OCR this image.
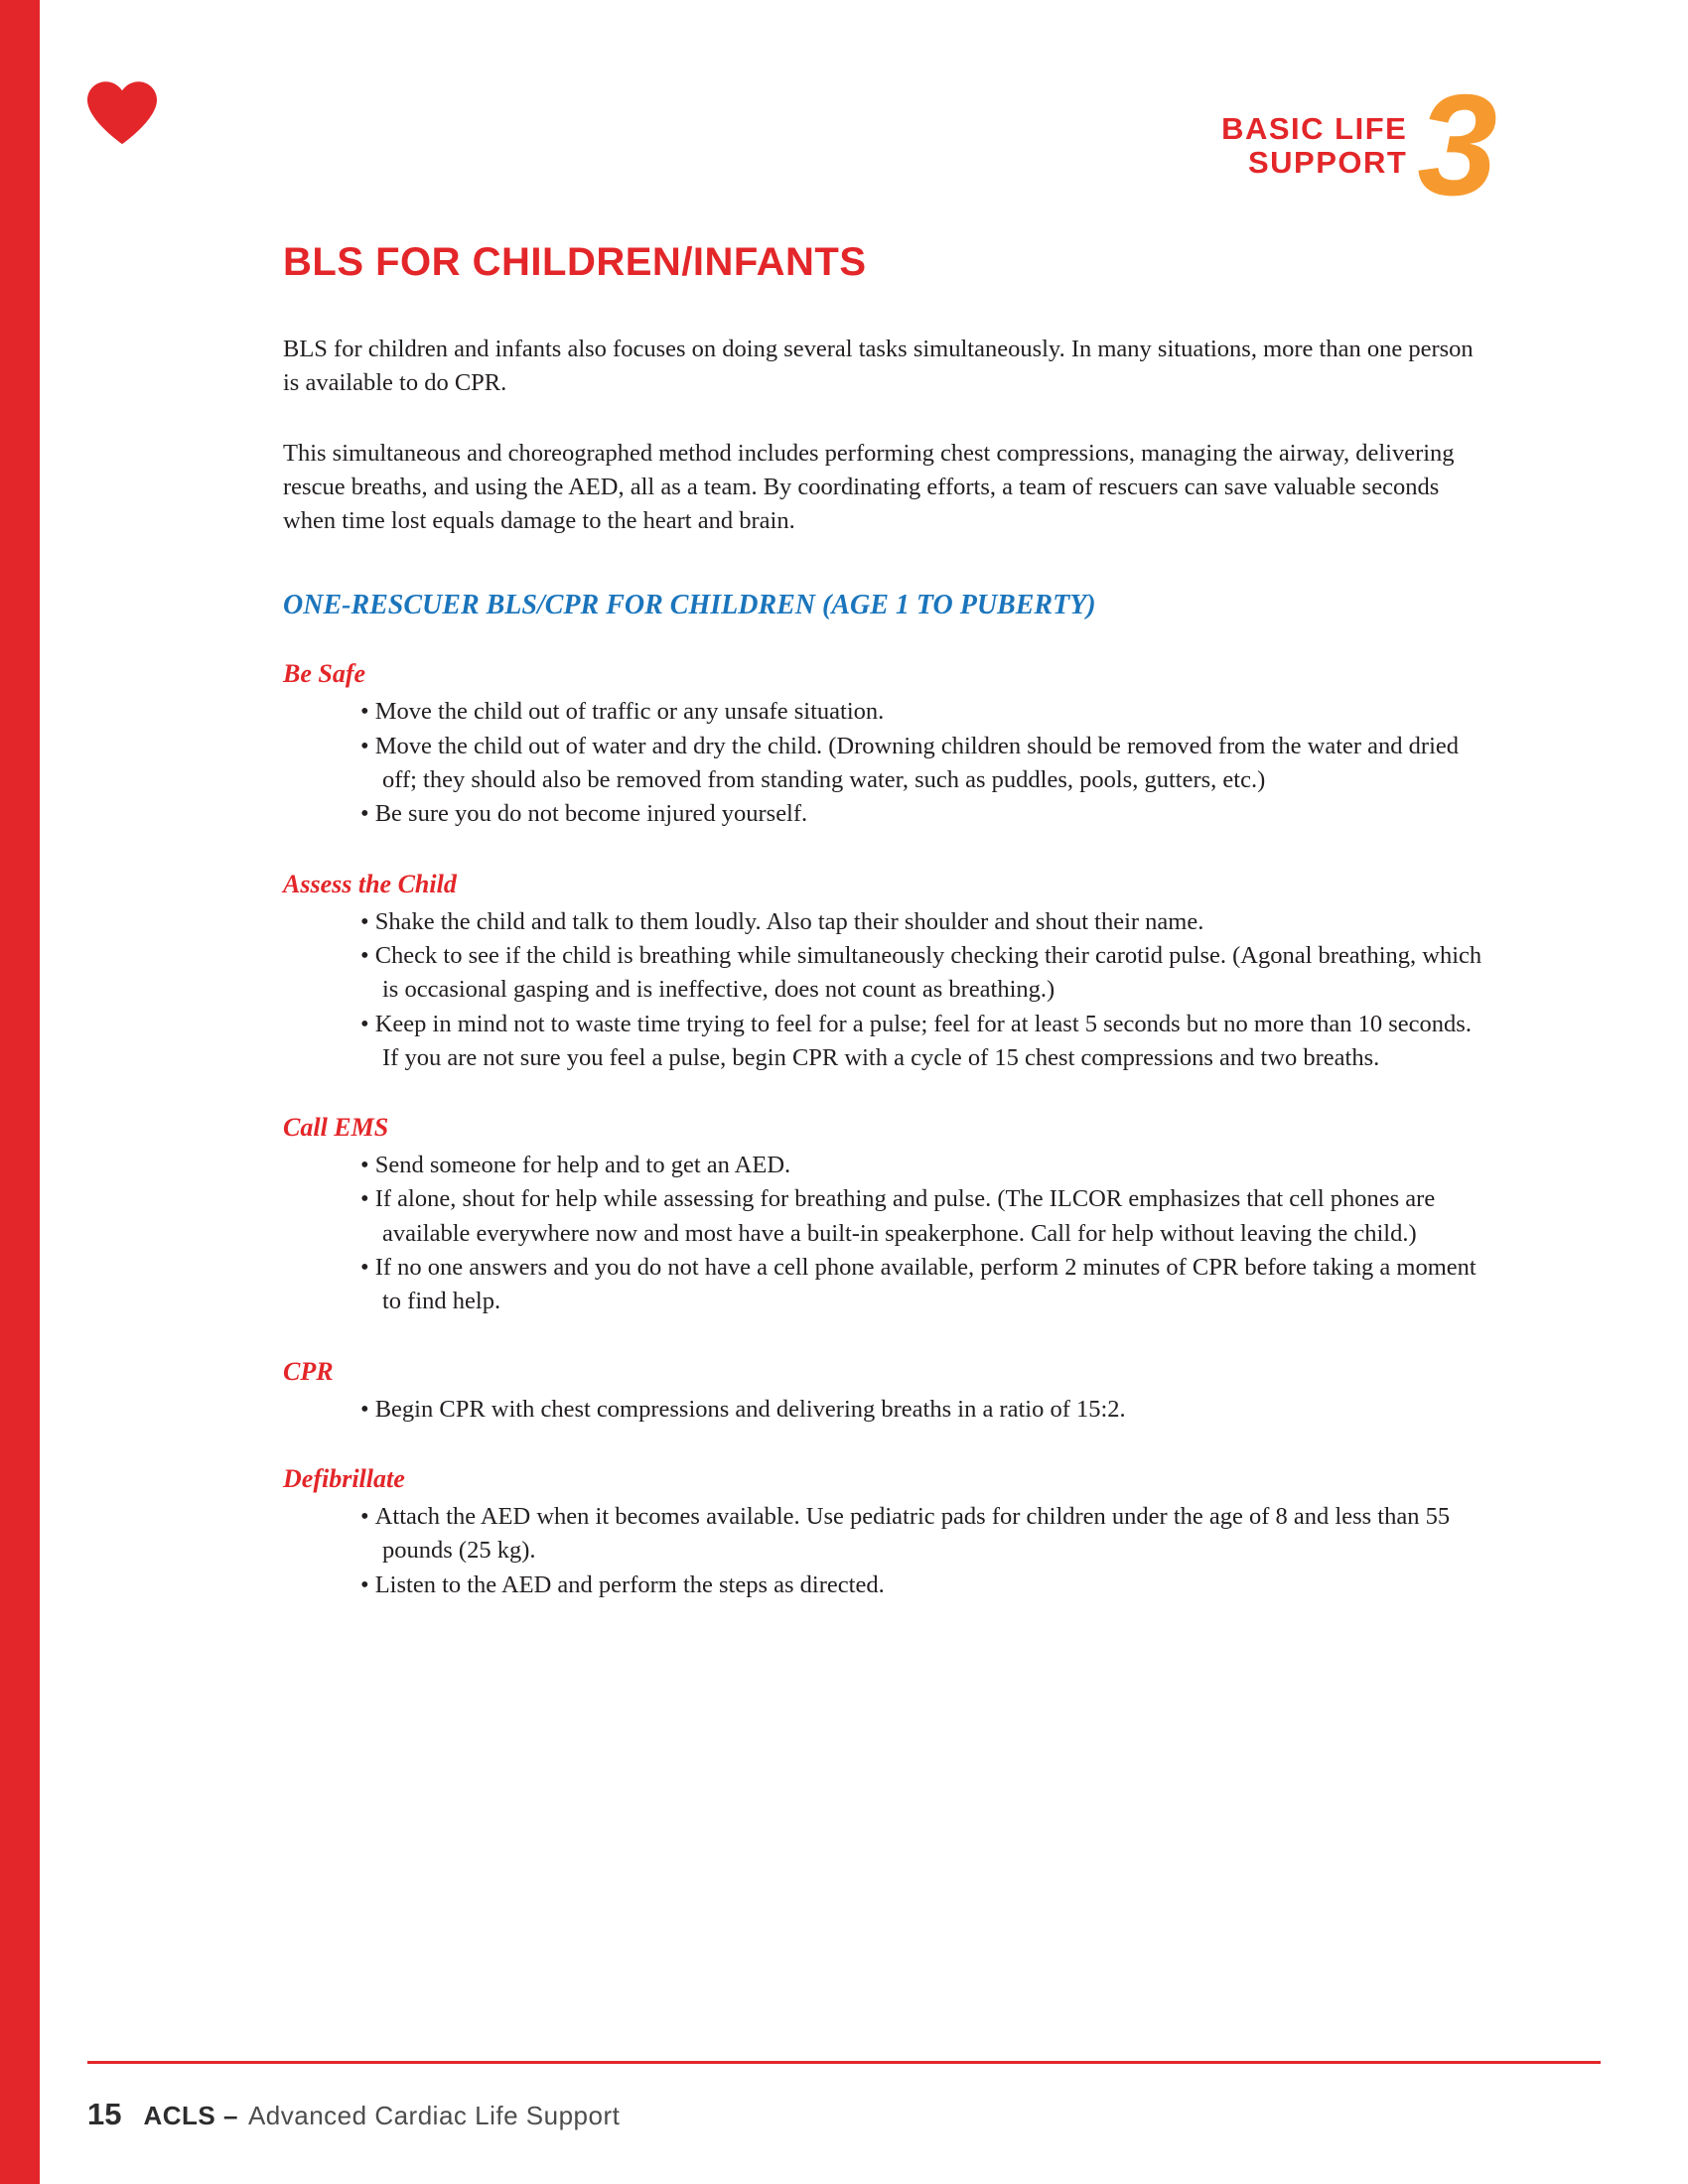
BASIC LIFE
SUPPORT 3
BLS FOR CHILDREN/INFANTS

BLS for children and infants also focuses on doing several tasks simultaneously. In many situations, more than one person is available to do CPR.

This simultaneous and choreographed method includes performing chest compressions, managing the airway, delivering rescue breaths, and using the AED, all as a team. By coordinating efforts, a team of rescuers can save valuable seconds when time lost equals damage to the heart and brain.

ONE-RESCUER BLS/CPR FOR CHILDREN (AGE 1 TO PUBERTY)
Be Safe
• Move the child out of traffic or any unsafe situation.
• Move the child out of water and dry the child. (Drowning children should be removed from the water and dried off; they should also be removed from standing water, such as puddles, pools, gutters, etc.)
• Be sure you do not become injured yourself.
Assess the Child
• Shake the child and talk to them loudly. Also tap their shoulder and shout their name.
• Check to see if the child is breathing while simultaneously checking their carotid pulse. (Agonal breathing, which is occasional gasping and is ineffective, does not count as breathing.)
• Keep in mind not to waste time trying to feel for a pulse; feel for at least 5 seconds but no more than 10 seconds. If you are not sure you feel a pulse, begin CPR with a cycle of 15 chest compressions and two breaths.
Call EMS
• Send someone for help and to get an AED.
• If alone, shout for help while assessing for breathing and pulse. (The ILCOR emphasizes that cell phones are available everywhere now and most have a built-in speakerphone. Call for help without leaving the child.)
• If no one answers and you do not have a cell phone available, perform 2 minutes of CPR before taking a moment to find help.
CPR
• Begin CPR with chest compressions and delivering breaths in a ratio of 15:2.
Defibrillate
• Attach the AED when it becomes available. Use pediatric pads for children under the age of 8 and less than 55 pounds (25 kg).
• Listen to the AED and perform the steps as directed.
15 ACLS – Advanced Cardiac Life Support
